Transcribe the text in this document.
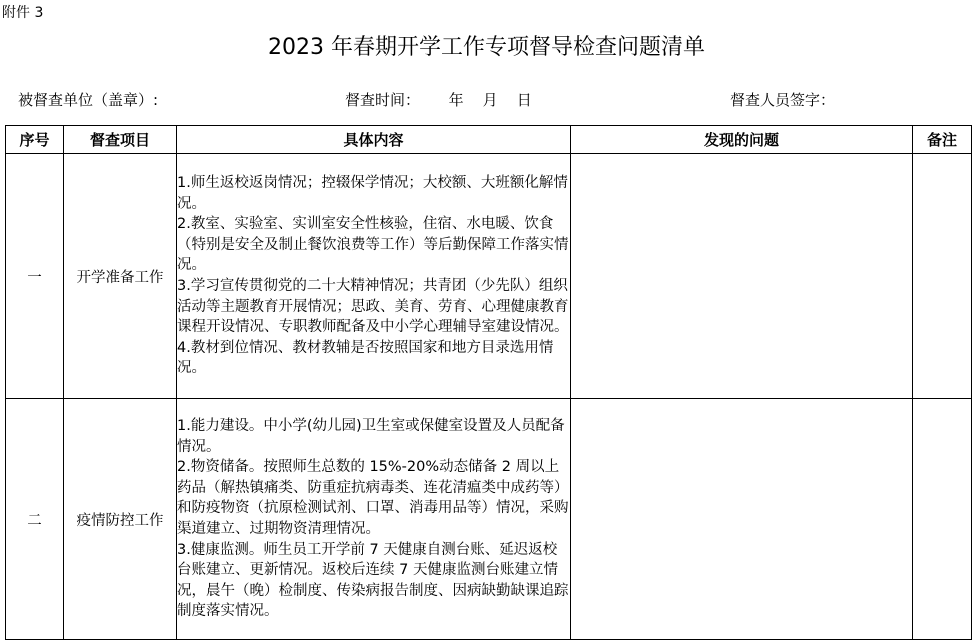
附件 3
2023 年春期开学工作专项督导检查问题清单
被督查单位（盖章）:	督查时间：      年    月    日	督查人员签字：
序号	督查项目	具体内容	发现的问题	备注
一	开学准备工作	1.师生返校返岗情况；控辍保学情况；大校额、大班额化解情况。
2.教室、实验室、实训室安全性核验，住宿、水电暖、饮食（特别是安全及制止餐饮浪费等工作）等后勤保障工作落实情况。
3.学习宣传贯彻党的二十大精神情况；共青团（少先队）组织活动等主题教育开展情况；思政、美育、劳育、心理健康教育课程开设情况、专职教师配备及中小学心理辅导室建设情况。
4.教材到位情况、教材教辅是否按照国家和地方目录选用情况。		

二	疫情防控工作	1.能力建设。中小学(幼儿园)卫生室或保健室设置及人员配备情况。
2.物资储备。按照师生总数的 15%-20%动态储备 2 周以上药品（解热镇痛类、防重症抗病毒类、连花清瘟类中成药等）和防疫物资（抗原检测试剂、口罩、消毒用品等）情况，采购渠道建立、过期物资清理情况。
3.健康监测。师生员工开学前 7 天健康自测台账、延迟返校台账建立、更新情况。返校后连续 7 天健康监测台账建立情况，晨午（晚）检制度、传染病报告制度、因病缺勤缺课追踪制度落实情况。		
